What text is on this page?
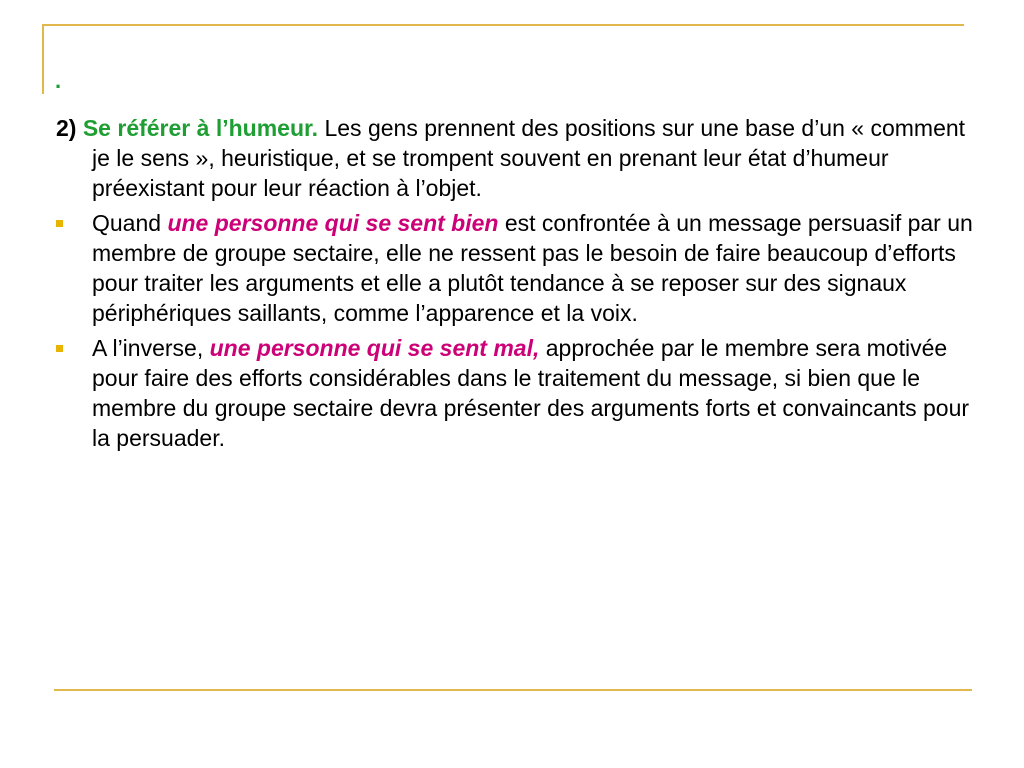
.

2) Se référer à l’humeur. Les gens prennent des positions sur une base d’un « comment je le sens », heuristique, et se trompent souvent en prenant leur état d’humeur préexistant pour leur réaction à l’objet.

Quand une personne qui se sent bien est confrontée à un message persuasif par un membre de groupe sectaire, elle ne ressent pas le besoin de faire beaucoup d’efforts pour traiter les arguments et elle a plutôt tendance à se reposer sur des signaux périphériques saillants, comme l’apparence et la voix.
A l’inverse, une personne qui se sent mal, approchée par le membre sera motivée pour faire des efforts considérables dans le traitement du message, si bien que le membre du groupe sectaire devra présenter des arguments forts et convaincants pour la persuader.
